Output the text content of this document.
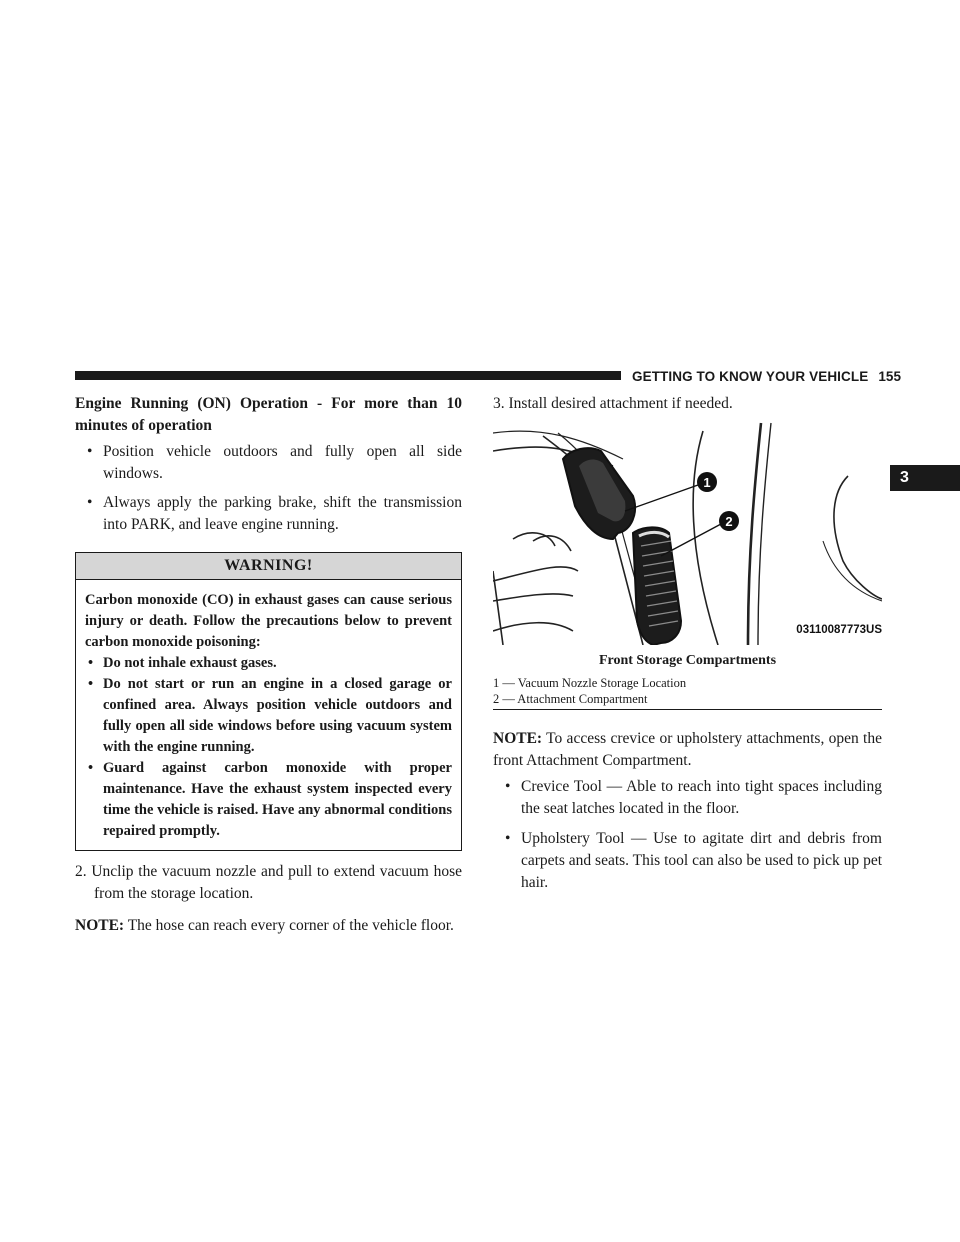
GETTING TO KNOW YOUR VEHICLE 155
3

Engine Running (ON) Operation - For more than 10 minutes of operation

• Position vehicle outdoors and fully open all side windows.
• Always apply the parking brake, shift the transmission into PARK, and leave engine running.
WARNING!

Carbon monoxide (CO) in exhaust gases can cause serious injury or death. Follow the precautions below to prevent carbon monoxide poisoning:

• Do not inhale exhaust gases.
• Do not start or run an engine in a closed garage or confined area. Always position vehicle outdoors and fully open all side windows before using vacuum system with the engine running.
• Guard against carbon monoxide with proper maintenance. Have the exhaust system inspected every time the vehicle is raised. Have any abnormal conditions repaired promptly.

2. Unclip the vacuum nozzle and pull to extend vacuum hose from the storage location.

NOTE: The hose can reach every corner of the vehicle floor.

3. Install desired attachment if needed.

1
2
03110087773US
Front Storage Compartments
1 — Vacuum Nozzle Storage Location
2 — Attachment Compartment

NOTE: To access crevice or upholstery attachments, open the front Attachment Compartment.

• Crevice Tool — Able to reach into tight spaces including the seat latches located in the floor.
• Upholstery Tool — Use to agitate dirt and debris from carpets and seats. This tool can also be used to pick up pet hair.
